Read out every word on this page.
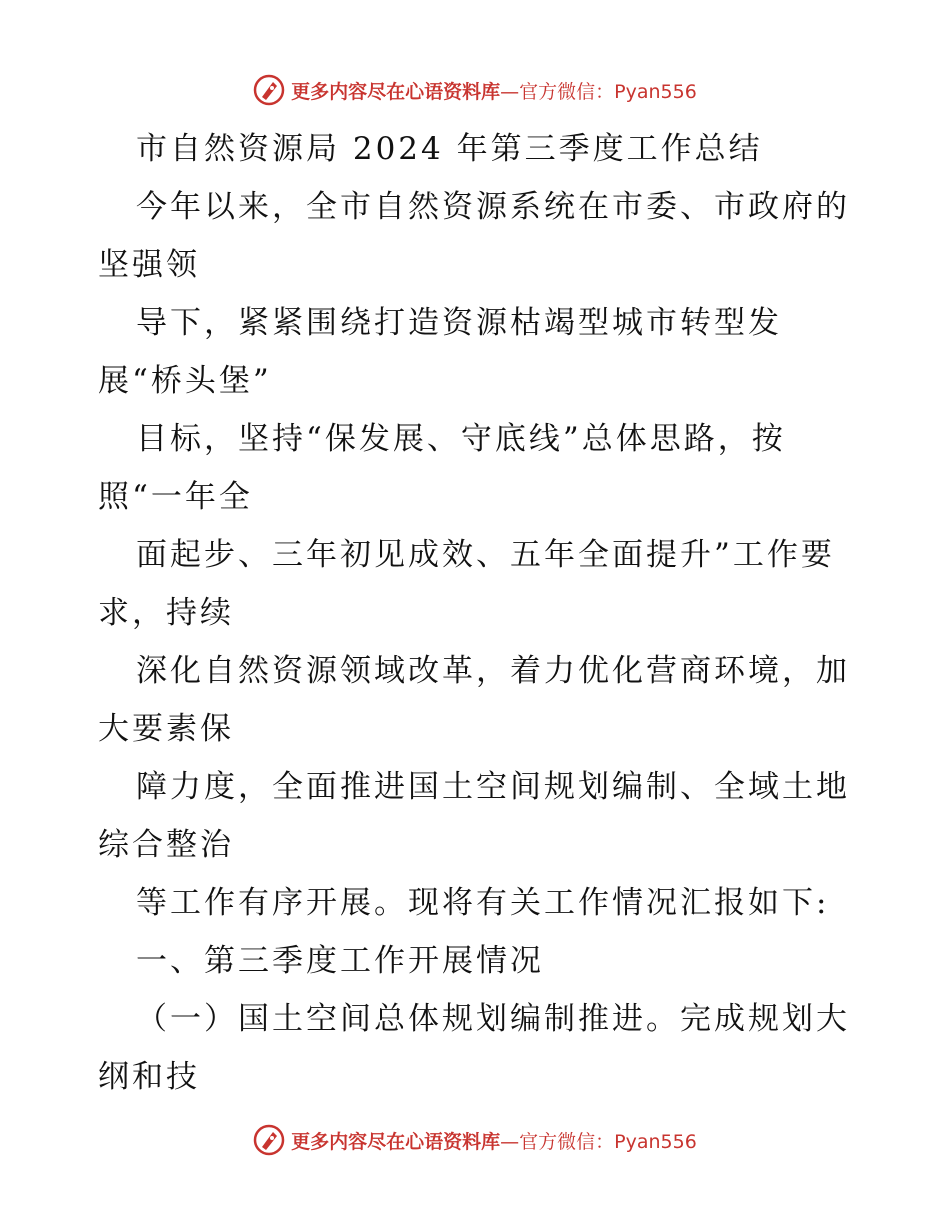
更多内容尽在心语资料库 —官方微信：Pyan556
市自然资源局 2024 年第三季度工作总结
今年以来，全市自然资源系统在市委、市政府的
坚强领
导下，紧紧围绕打造资源枯竭型城市转型发
展“桥头堡”
目标，坚持“保发展、守底线”总体思路，按
照“一年全
面起步、三年初见成效、五年全面提升”工作要
求，持续
深化自然资源领域改革，着力优化营商环境，加
大要素保
障力度，全面推进国土空间规划编制、全域土地
综合整治
等工作有序开展。现将有关工作情况汇报如下:
一、第三季度工作开展情况
（一）国土空间总体规划编制推进。完成规划大
纲和技
更多内容尽在心语资料库 —官方微信：Pyan556
